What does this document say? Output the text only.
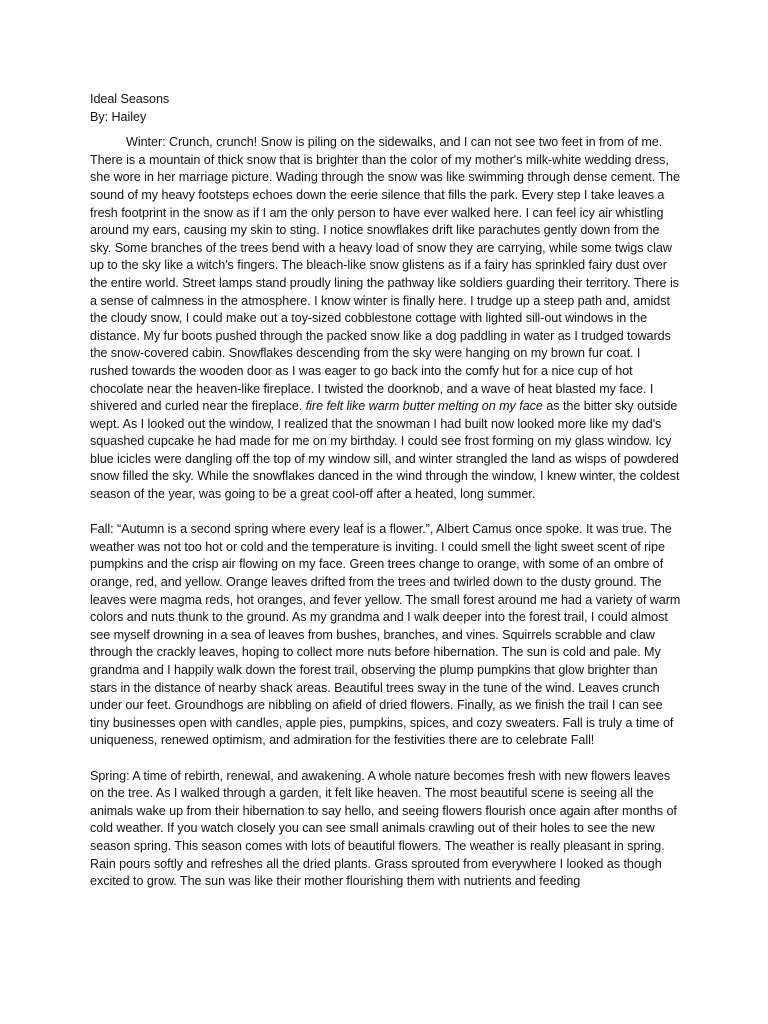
Ideal Seasons

By: Hailey

Winter: Crunch, crunch! Snow is piling on the sidewalks, and I can not see two feet in from of me. There is a mountain of thick snow that is brighter than the color of my mother's milk-white wedding dress, she wore in her marriage picture. Wading through the snow was like swimming through dense cement. The sound of my heavy footsteps echoes down the eerie silence that fills the park. Every step I take leaves a fresh footprint in the snow as if I am the only person to have ever walked here. I can feel icy air whistling around my ears, causing my skin to sting. I notice snowflakes drift like parachutes gently down from the sky. Some branches of the trees bend with a heavy load of snow they are carrying, while some twigs claw up to the sky like a witch's fingers. The bleach-like snow glistens as if a fairy has sprinkled fairy dust over the entire world. Street lamps stand proudly lining the pathway like soldiers guarding their territory. There is a sense of calmness in the atmosphere. I know winter is finally here. I trudge up a steep path and, amidst the cloudy snow, I could make out a toy-sized cobblestone cottage with lighted sill-out windows in the distance. My fur boots pushed through the packed snow like a dog paddling in water as I trudged towards the snow-covered cabin. Snowflakes descending from the sky were hanging on my brown fur coat. I rushed towards the wooden door as I was eager to go back into the comfy hut for a nice cup of hot chocolate near the heaven-like fireplace. I twisted the doorknob, and a wave of heat blasted my face. I shivered and curled near the fireplace. fire felt like warm butter melting on my face as the bitter sky outside wept. As I looked out the window, I realized that the snowman I had built now looked more like my dad's squashed cupcake he had made for me on my birthday. I could see frost forming on my glass window. Icy blue icicles were dangling off the top of my window sill, and winter strangled the land as wisps of powdered snow filled the sky. While the snowflakes danced in the wind through the window, I knew winter, the coldest season of the year, was going to be a great cool-off after a heated, long summer.

Fall: “Autumn is a second spring where every leaf is a flower.”, Albert Camus once spoke. It was true. The weather was not too hot or cold and the temperature is inviting. I could smell the light sweet scent of ripe pumpkins and the crisp air flowing on my face. Green trees change to orange, with some of an ombre of orange, red, and yellow. Orange leaves drifted from the trees and twirled down to the dusty ground. The leaves were magma reds, hot oranges, and fever yellow. The small forest around me had a variety of warm colors and nuts thunk to the ground. As my grandma and I walk deeper into the forest trail, I could almost see myself drowning in a sea of leaves from bushes, branches, and vines. Squirrels scrabble and claw through the crackly leaves, hoping to collect more nuts before hibernation. The sun is cold and pale. My grandma and I happily walk down the forest trail, observing the plump pumpkins that glow brighter than stars in the distance of nearby shack areas. Beautiful trees sway in the tune of the wind. Leaves crunch under our feet. Groundhogs are nibbling on afield of dried flowers. Finally, as we finish the trail I can see tiny businesses open with candles, apple pies, pumpkins, spices, and cozy sweaters. Fall is truly a time of uniqueness, renewed optimism, and admiration for the festivities there are to celebrate Fall!

Spring: A time of rebirth, renewal, and awakening. A whole nature becomes fresh with new flowers leaves on the tree. As I walked through a garden, it felt like heaven. The most beautiful scene is seeing all the animals wake up from their hibernation to say hello, and seeing flowers flourish once again after months of cold weather. If you watch closely you can see small animals crawling out of their holes to see the new season spring. This season comes with lots of beautiful flowers. The weather is really pleasant in spring. Rain pours softly and refreshes all the dried plants. Grass sprouted from everywhere I looked as though excited to grow. The sun was like their mother flourishing them with nutrients and feeding
